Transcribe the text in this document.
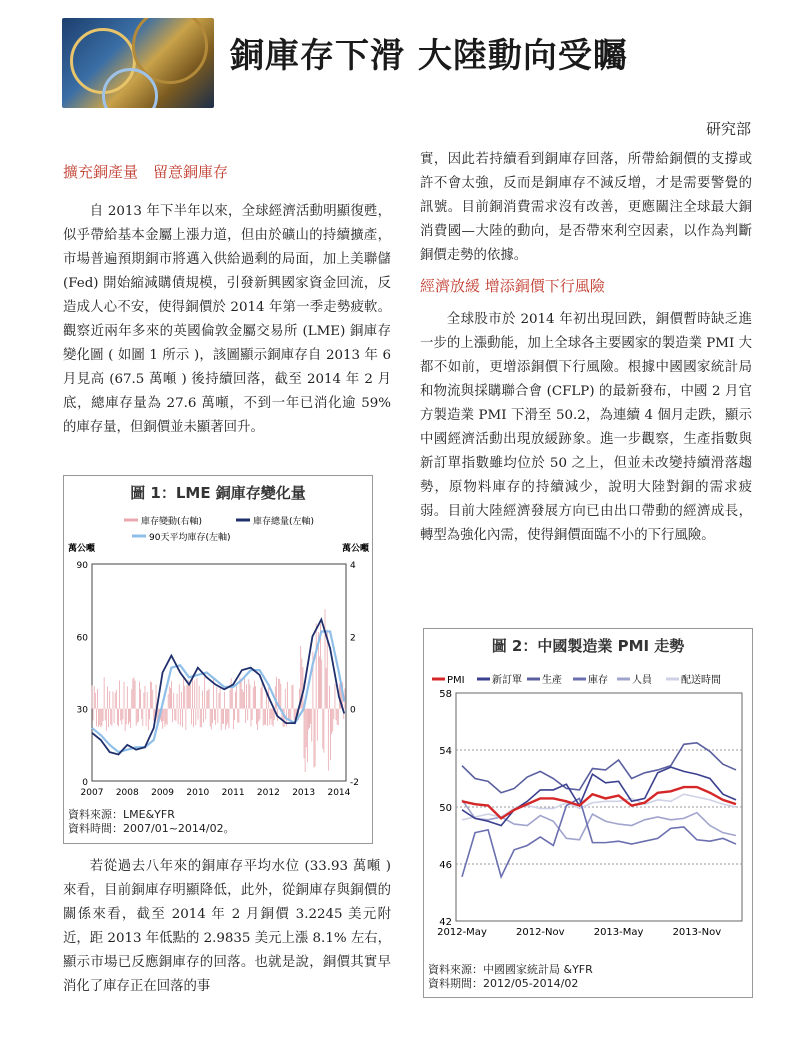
銅庫存下滑 大陸動向受矚
研究部
擴充銅產量　留意銅庫存

自 2013 年下半年以來，全球經濟活動明顯復甦，似乎帶給基本金屬上漲力道，但由於礦山的持續擴產，市場普遍預期銅市將邁入供給過剩的局面，加上美聯儲 (Fed) 開始縮減購債規模，引發新興國家資金回流，反造成人心不安，使得銅價於 2014 年第一季走勢疲軟。觀察近兩年多來的英國倫敦金屬交易所 (LME) 銅庫存變化圖 ( 如圖 1 所示 )，該圖顯示銅庫存自 2013 年 6 月見高 (67.5 萬噸 ) 後持續回落，截至 2014 年 2 月底，總庫存量為 27.6 萬噸，不到一年已消化逾 59% 的庫存量，但銅價並未顯著回升。

圖 1：LME 銅庫存變化量
庫存變動(右軸)	庫存總量(左軸)
90天平均庫存(左軸)
萬公噸	萬公噸
90
60
30
0
4
2
0
-2
2007 2008 2009 2010 2011 2012 2013 2014
資料來源：LME&YFR
資料時間：2007/01~2014/02。

若從過去八年來的銅庫存平均水位 (33.93 萬噸 ) 來看，目前銅庫存明顯降低，此外，從銅庫存與銅價的關係來看，截至 2014 年 2 月銅價 3.2245 美元附近，距 2013 年低點的 2.9835 美元上漲 8.1% 左右，顯示市場已反應銅庫存的回落。也就是說，銅價其實早消化了庫存正在回落的事

實，因此若持續看到銅庫存回落，所帶給銅價的支撐或許不會太強，反而是銅庫存不減反增，才是需要警覺的訊號。目前銅消費需求沒有改善，更應關注全球最大銅消費國—大陸的動向，是否帶來利空因素，以作為判斷銅價走勢的依據。

經濟放緩 增添銅價下行風險

全球股市於 2014 年初出現回跌，銅價暫時缺乏進一步的上漲動能，加上全球各主要國家的製造業 PMI 大都不如前，更增添銅價下行風險。根據中國國家統計局和物流與採購聯合會 (CFLP) 的最新發布，中國 2 月官方製造業 PMI 下滑至 50.2，為連續 4 個月走跌，顯示中國經濟活動出現放緩跡象。進一步觀察，生產指數與新訂單指數雖均位於 50 之上，但並未改變持續滑落趨勢，原物料庫存的持續減少，說明大陸對銅的需求疲弱。目前大陸經濟發展方向已由出口帶動的經濟成長，轉型為強化內需，使得銅價面臨不小的下行風險。

圖 2：中國製造業 PMI 走勢
PMI	新訂單 生產	庫存 人員	配送時間
58
54
50
46
42
2012-May	2012-Nov	2013-May	2013-Nov
資料來源：中國國家統計局 &YFR
資料期間：2012/05-2014/02
